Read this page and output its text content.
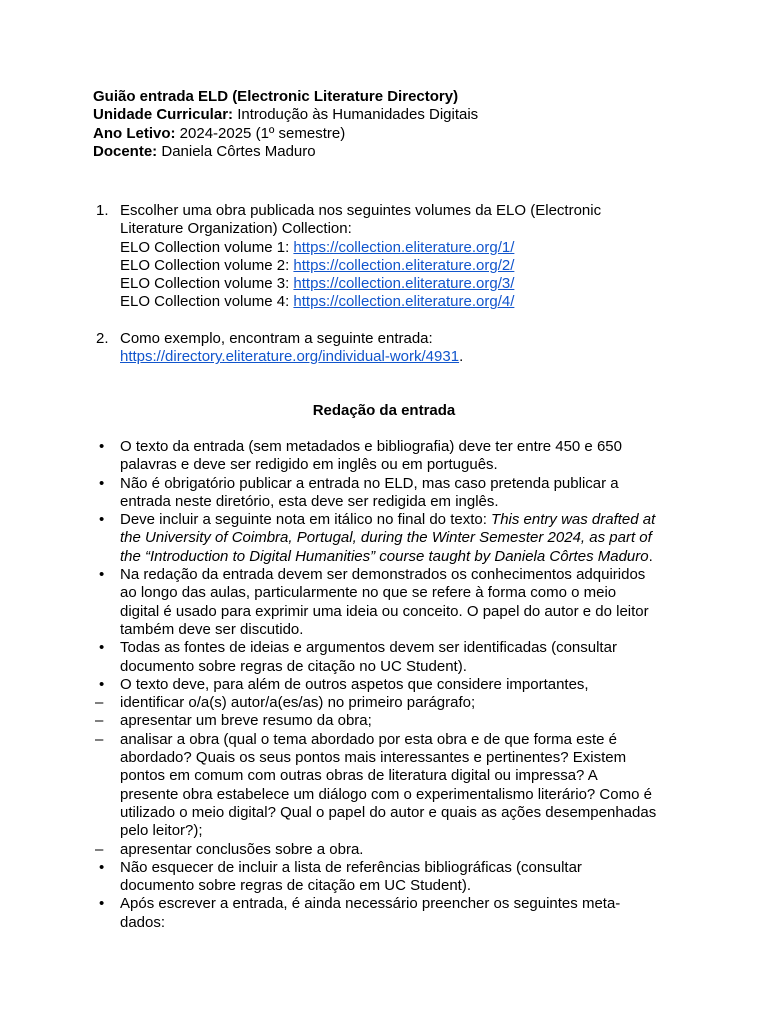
Guião entrada ELD (Electronic Literature Directory)
Unidade Curricular: Introdução às Humanidades Digitais
Ano Letivo: 2024-2025 (1º semestre)
Docente: Daniela Côrtes Maduro
1. Escolher uma obra publicada nos seguintes volumes da ELO (Electronic
Literature Organization) Collection:
ELO Collection volume 1: https://collection.eliterature.org/1/
ELO Collection volume 2: https://collection.eliterature.org/2/
ELO Collection volume 3: https://collection.eliterature.org/3/
ELO Collection volume 4: https://collection.eliterature.org/4/
2. Como exemplo, encontram a seguinte entrada:
https://directory.eliterature.org/individual-work/4931.
Redação da entrada
• O texto da entrada (sem metadados e bibliografia) deve ter entre 450 e 650
palavras e deve ser redigido em inglês ou em português.
• Não é obrigatório publicar a entrada no ELD, mas caso pretenda publicar a
entrada neste diretório, esta deve ser redigida em inglês.
• Deve incluir a seguinte nota em itálico no final do texto: This entry was drafted at
the University of Coimbra, Portugal, during the Winter Semester 2024, as part of
the “Introduction to Digital Humanities” course taught by Daniela Côrtes Maduro.
• Na redação da entrada devem ser demonstrados os conhecimentos adquiridos
ao longo das aulas, particularmente no que se refere à forma como o meio
digital é usado para exprimir uma ideia ou conceito. O papel do autor e do leitor
também deve ser discutido.
• Todas as fontes de ideias e argumentos devem ser identificadas (consultar
documento sobre regras de citação no UC Student).
• O texto deve, para além de outros aspetos que considere importantes,
– identificar o/a(s) autor/a(es/as) no primeiro parágrafo;
– apresentar um breve resumo da obra;
– analisar a obra (qual o tema abordado por esta obra e de que forma este é
abordado? Quais os seus pontos mais interessantes e pertinentes? Existem
pontos em comum com outras obras de literatura digital ou impressa? A
presente obra estabelece um diálogo com o experimentalismo literário? Como é
utilizado o meio digital? Qual o papel do autor e quais as ações desempenhadas
pelo leitor?);
– apresentar conclusões sobre a obra.
• Não esquecer de incluir a lista de referências bibliográficas (consultar
documento sobre regras de citação em UC Student).
• Após escrever a entrada, é ainda necessário preencher os seguintes meta-
dados:
